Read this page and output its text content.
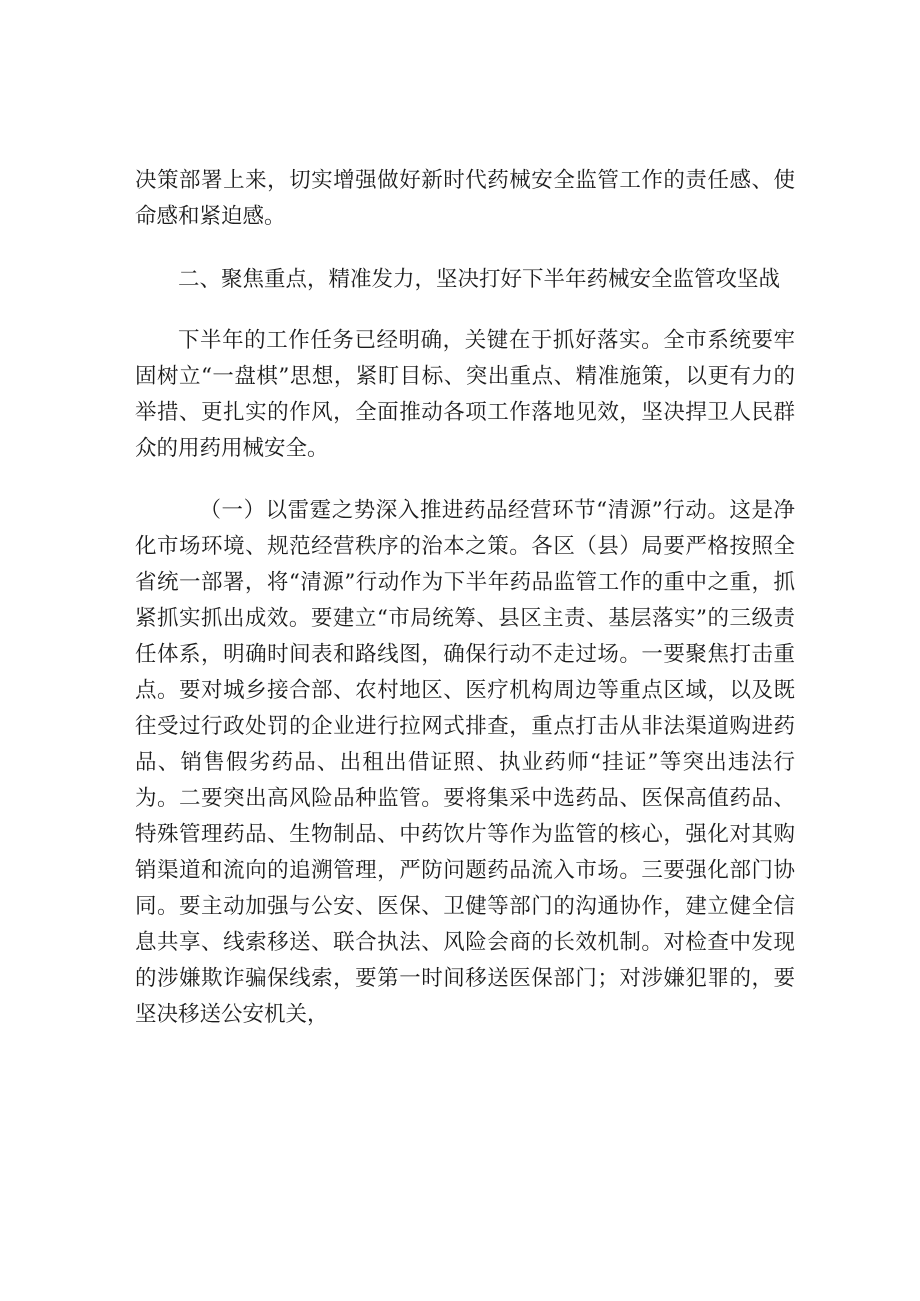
决策部署上来，切实增强做好新时代药械安全监管工作的责任感、使命感和紧迫感。

二、聚焦重点，精准发力，坚决打好下半年药械安全监管攻坚战

下半年的工作任务已经明确，关键在于抓好落实。全市系统要牢固树立“一盘棋”思想，紧盯目标、突出重点、精准施策，以更有力的举措、更扎实的作风，全面推动各项工作落地见效，坚决捍卫人民群众的用药用械安全。

（一）以雷霆之势深入推进药品经营环节“清源”行动。这是净化市场环境、规范经营秩序的治本之策。各区（县）局要严格按照全省统一部署，将“清源”行动作为下半年药品监管工作的重中之重，抓紧抓实抓出成效。要建立“市局统筹、县区主责、基层落实”的三级责任体系，明确时间表和路线图，确保行动不走过场。一要聚焦打击重点。要对城乡接合部、农村地区、医疗机构周边等重点区域，以及既往受过行政处罚的企业进行拉网式排查，重点打击从非法渠道购进药品、销售假劣药品、出租出借证照、执业药师“挂证”等突出违法行为。二要突出高风险品种监管。要将集采中选药品、医保高值药品、特殊管理药品、生物制品、中药饮片等作为监管的核心，强化对其购销渠道和流向的追溯管理，严防问题药品流入市场。三要强化部门协同。要主动加强与公安、医保、卫健等部门的沟通协作，建立健全信息共享、线索移送、联合执法、风险会商的长效机制。对检查中发现的涉嫌欺诈骗保线索，要第一时间移送医保部门；对涉嫌犯罪的，要坚决移送公安机关，
